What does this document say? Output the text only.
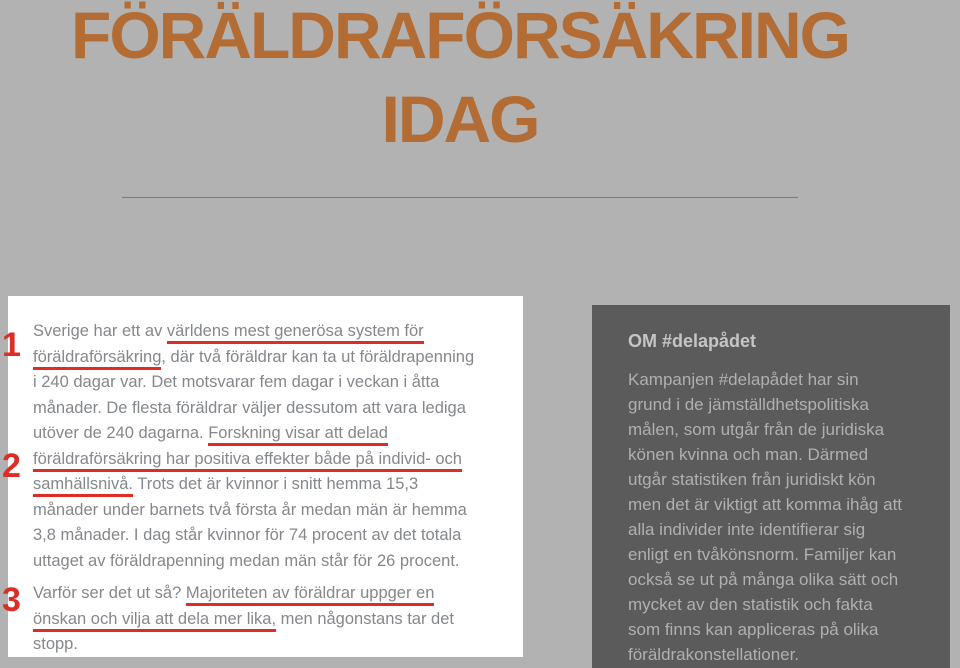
FÖRÄLDRAFÖRSÄKRING
IDAG
1
2
3
Sverige har ett av världens mest generösa system för
föräldraförsäkring, där två föräldrar kan ta ut föräldrapenning
i 240 dagar var. Det motsvarar fem dagar i veckan i åtta
månader. De flesta föräldrar väljer dessutom att vara lediga
utöver de 240 dagarna. Forskning visar att delad
föräldraförsäkring har positiva effekter både på individ- och
samhällsnivå. Trots det är kvinnor i snitt hemma 15,3
månader under barnets två första år medan män är hemma
3,8 månader. I dag står kvinnor för 74 procent av det totala
uttaget av föräldrapenning medan män står för 26 procent.
Varför ser det ut så? Majoriteten av föräldrar uppger en
önskan och vilja att dela mer lika, men någonstans tar det
stopp.
OM #delapådet

Kampanjen #delapådet har sin

grund i de jämställdhetspolitiska

målen, som utgår från de juridiska

könen kvinna och man. Därmed

utgår statistiken från juridiskt kön

men det är viktigt att komma ihåg att

alla individer inte identifierar sig

enligt en tvåkönsnorm. Familjer kan

också se ut på många olika sätt och

mycket av den statistik och fakta

som finns kan appliceras på olika

föräldrakonstellationer.
